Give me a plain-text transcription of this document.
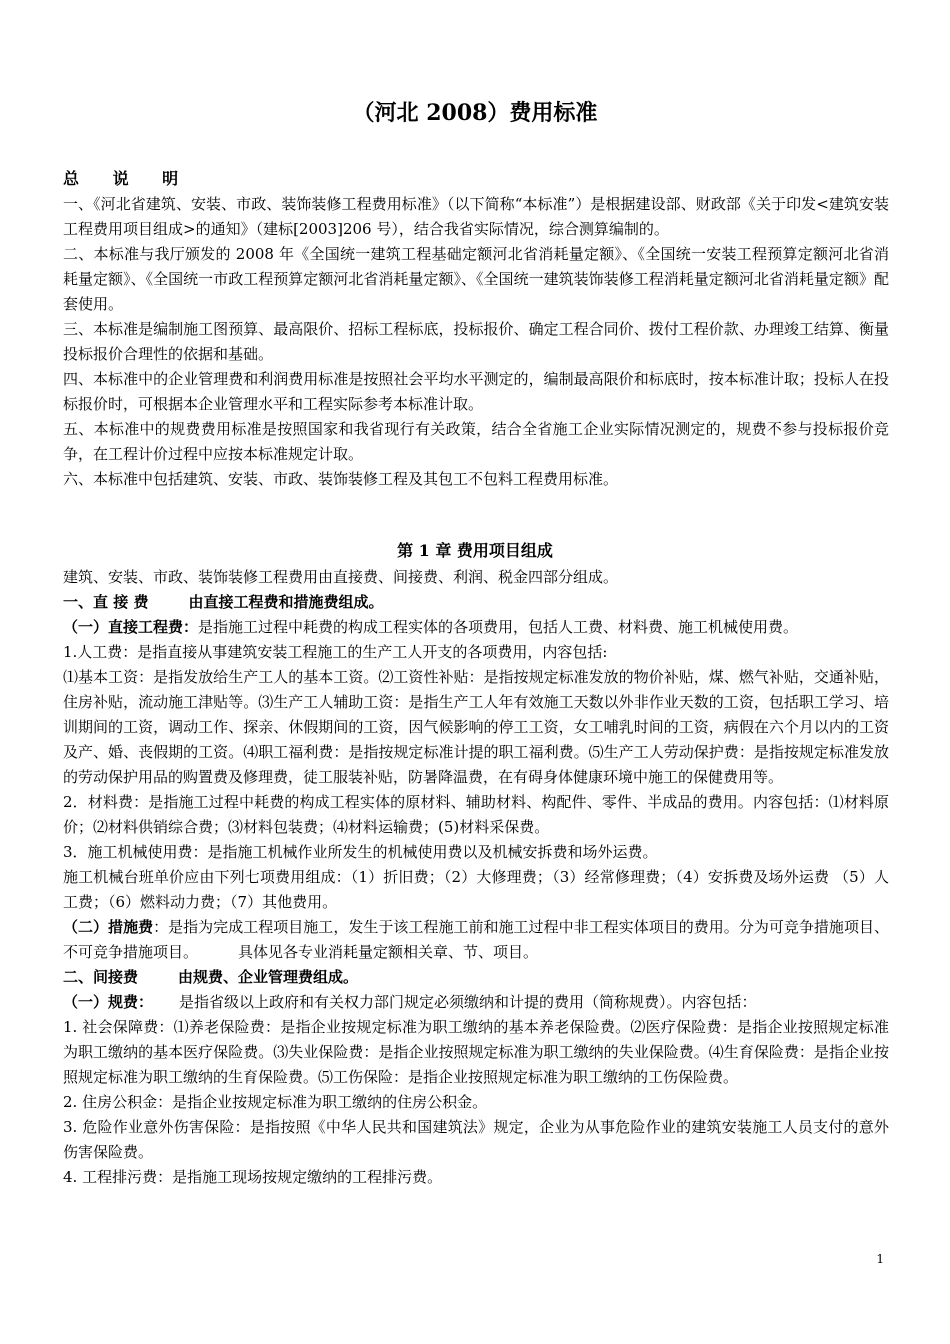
（河北 2008）费用标准
总 说 明

一、《河北省建筑、安装、市政、装饰装修工程费用标准》（以下简称“本标准”）是根据建设部、财政部《关于印发<建筑安装工程费用项目组成>的通知》（建标[2003]206 号），结合我省实际情况，综合测算编制的。

二、本标准与我厅颁发的 2008 年《全国统一建筑工程基础定额河北省消耗量定额》、《全国统一安装工程预算定额河北省消耗量定额》、《全国统一市政工程预算定额河北省消耗量定额》、《全国统一建筑装饰装修工程消耗量定额河北省消耗量定额》配套使用。

三、本标准是编制施工图预算、最高限价、招标工程标底，投标报价、确定工程合同价、拨付工程价款、办理竣工结算、衡量投标报价合理性的依据和基础。

四、本标准中的企业管理费和利润费用标准是按照社会平均水平测定的，编制最高限价和标底时，按本标准计取；投标人在投标报价时，可根据本企业管理水平和工程实际参考本标准计取。

五、本标准中的规费费用标准是按照国家和我省现行有关政策，结合全省施工企业实际情况测定的，规费不参与投标报价竞争，在工程计价过程中应按本标准规定计取。

六、本标准中包括建筑、安装、市政、装饰装修工程及其包工不包料工程费用标准。

第 1 章 费用项目组成

建筑、安装、市政、装饰装修工程费用由直接费、间接费、利润、税金四部分组成。

一、直 接 费	由直接工程费和措施费组成。

（一）直接工程费：是指施工过程中耗费的构成工程实体的各项费用，包括人工费、材料费、施工机械使用费。

1.人工费：是指直接从事建筑安装工程施工的生产工人开支的各项费用，内容包括:

⑴基本工资：是指发放给生产工人的基本工资。⑵工资性补贴：是指按规定标准发放的物价补贴，煤、燃气补贴，交通补贴，住房补贴，流动施工津贴等。⑶生产工人辅助工资：是指生产工人年有效施工天数以外非作业天数的工资，包括职工学习、培训期间的工资，调动工作、探亲、休假期间的工资，因气候影响的停工工资，女工哺乳时间的工资，病假在六个月以内的工资及产、婚、丧假期的工资。⑷职工福利费：是指按规定标准计提的职工福利费。⑸生产工人劳动保护费：是指按规定标准发放的劳动保护用品的购置费及修理费，徒工服装补贴，防暑降温费，在有碍身体健康环境中施工的保健费用等。

2．材料费：是指施工过程中耗费的构成工程实体的原材料、辅助材料、构配件、零件、半成品的费用。内容包括：⑴材料原价；⑵材料供销综合费；⑶材料包装费；⑷材料运输费；(5)材料采保费。

3．施工机械使用费：是指施工机械作业所发生的机械使用费以及机械安拆费和场外运费。

施工机械台班单价应由下列七项费用组成：（1）折旧费；（2）大修理费；（3）经常修理费；（4）安拆费及场外运费 （5）人工费；（6）燃料动力费；（7）其他费用。

（二）措施费：是指为完成工程项目施工，发生于该工程施工前和施工过程中非工程实体项目的费用。分为可竞争措施项目、不可竞争措施项目。	具体见各专业消耗量定额相关章、节、项目。

二、间接费	由规费、企业管理费组成。

（一）规费： 是指省级以上政府和有关权力部门规定必须缴纳和计提的费用（简称规费）。内容包括：

1. 社会保障费：⑴养老保险费：是指企业按规定标准为职工缴纳的基本养老保险费。⑵医疗保险费：是指企业按照规定标准为职工缴纳的基本医疗保险费。⑶失业保险费：是指企业按照规定标准为职工缴纳的失业保险费。⑷生育保险费：是指企业按照规定标准为职工缴纳的生育保险费。⑸工伤保险：是指企业按照规定标准为职工缴纳的工伤保险费。

2. 住房公积金：是指企业按规定标准为职工缴纳的住房公积金。

3. 危险作业意外伤害保险：是指按照《中华人民共和国建筑法》规定，企业为从事危险作业的建筑安装施工人员支付的意外伤害保险费。

4. 工程排污费：是指施工现场按规定缴纳的工程排污费。

1
